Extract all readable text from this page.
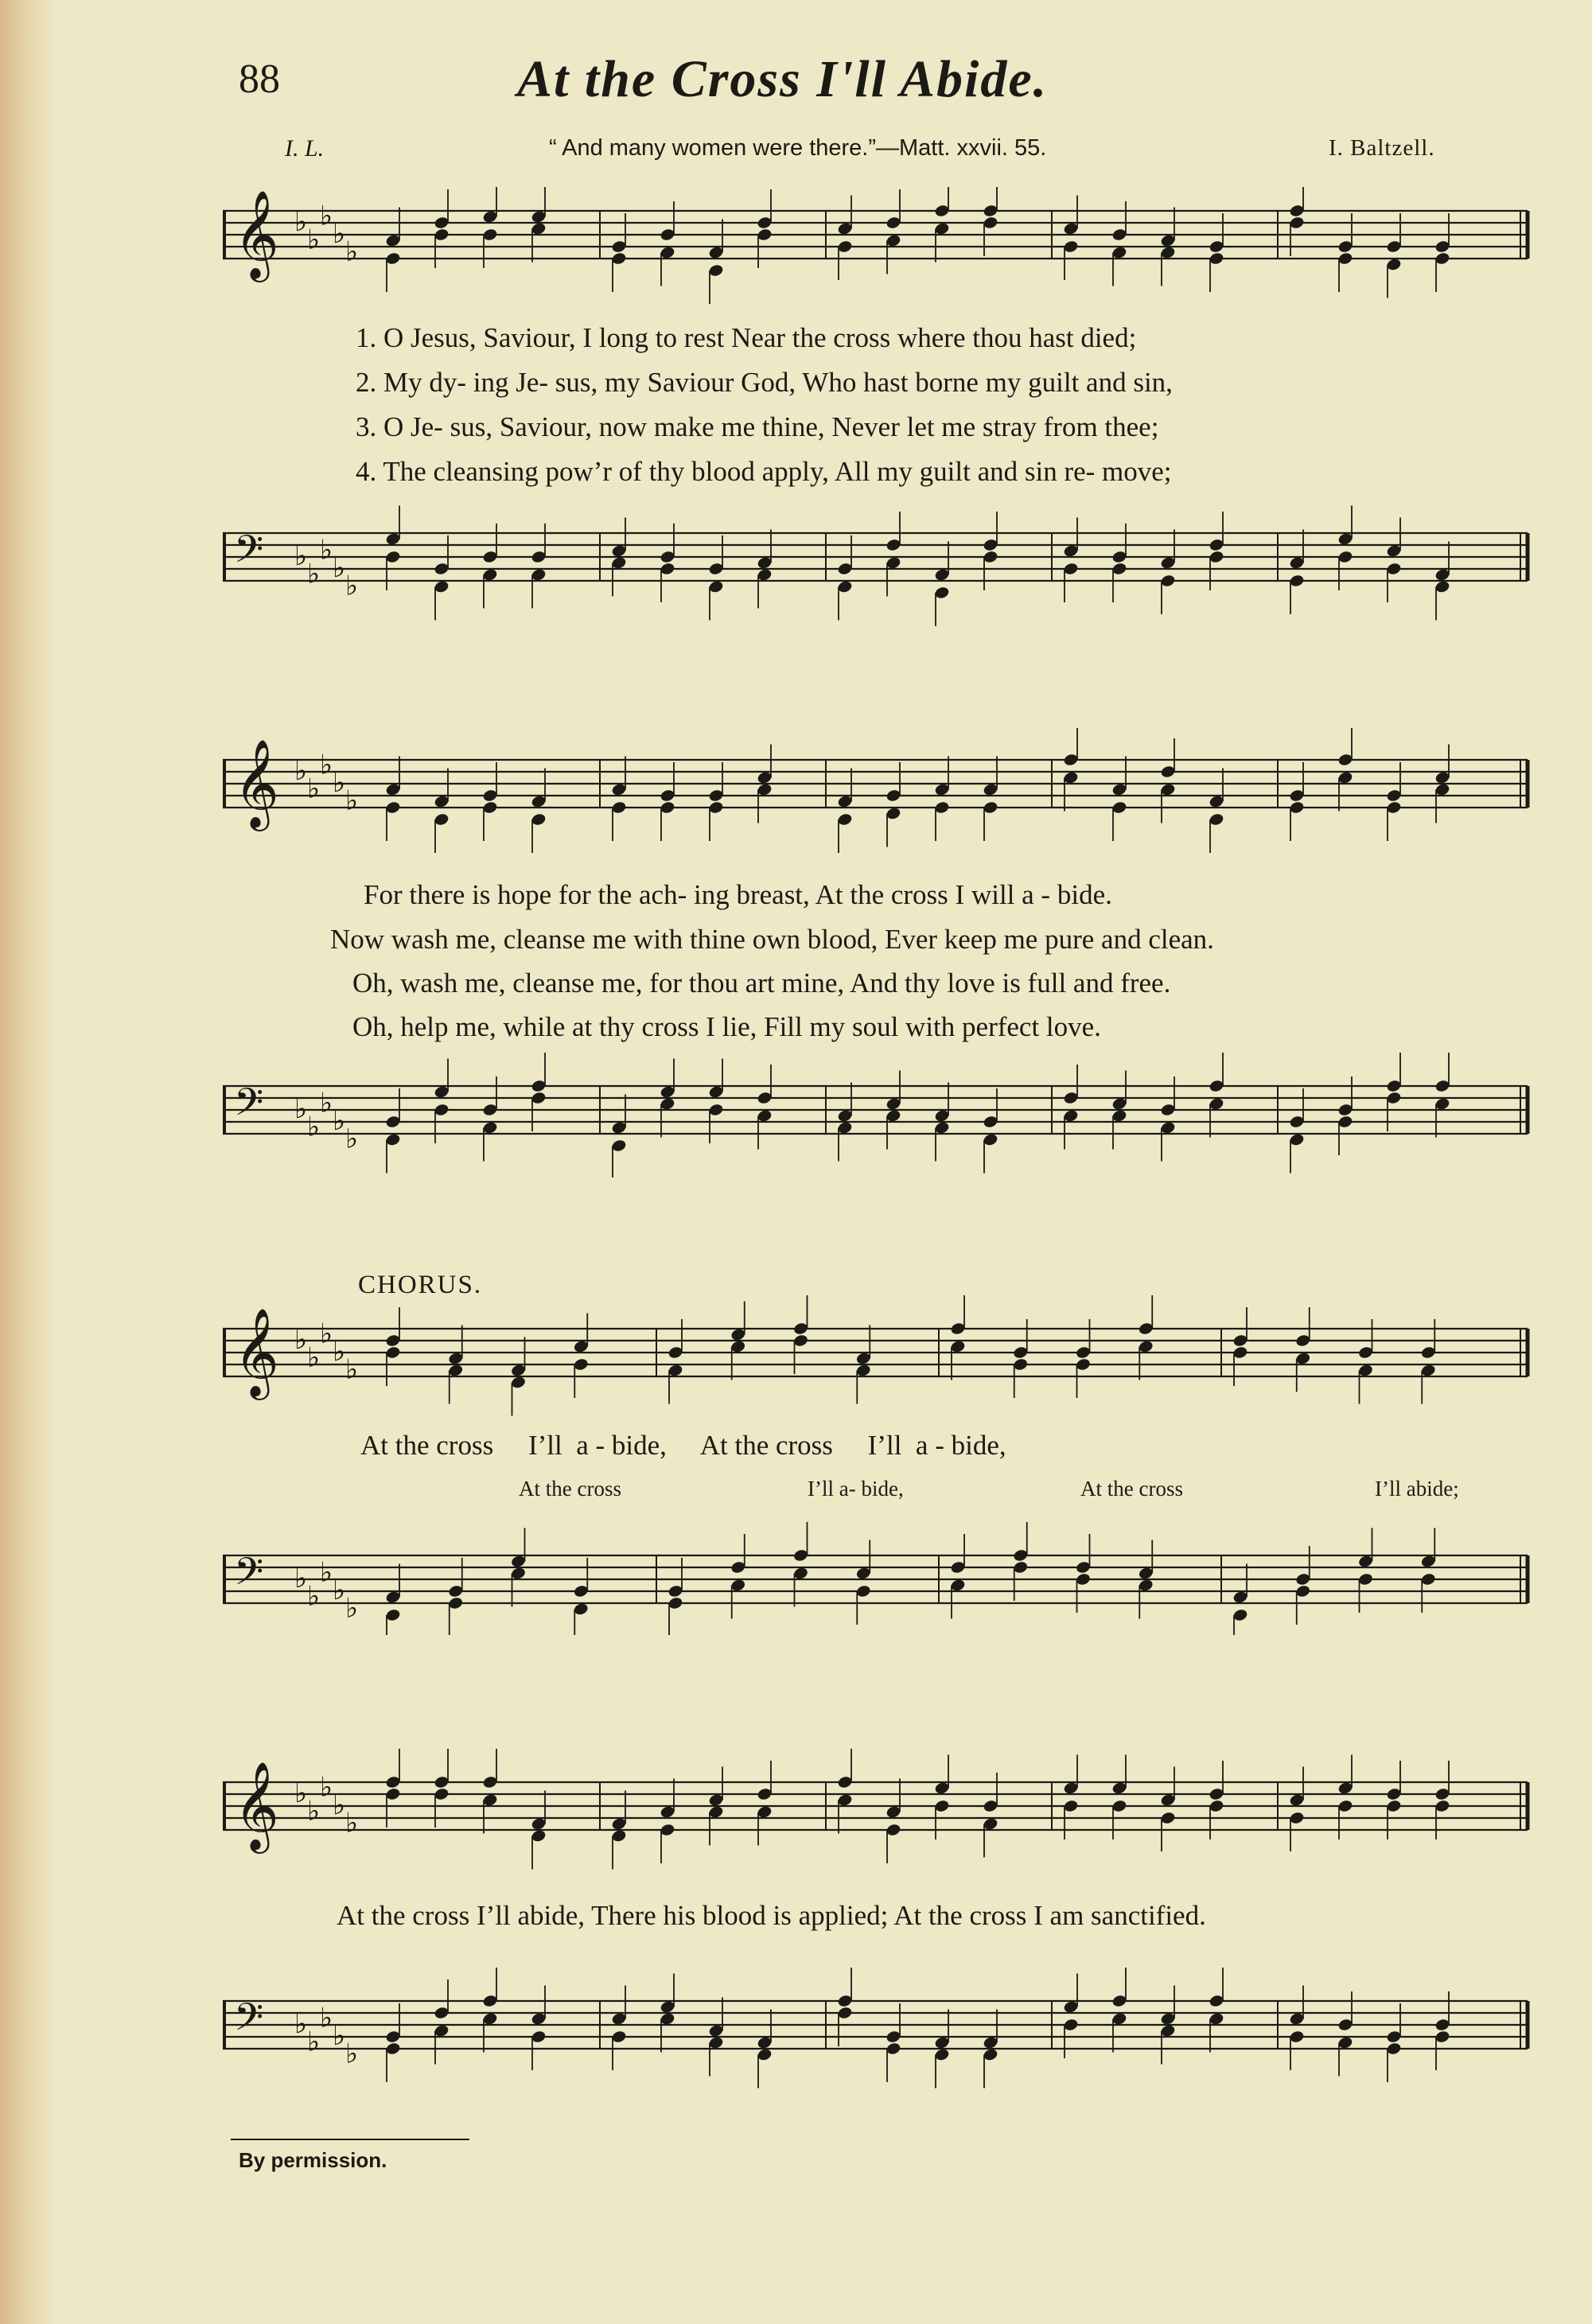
88	At the Cross I'll Abide.
I. L.	“ And many women were there.”—Matt. xxvii. 55.	I. Baltzell.
𝄞 ♭
♭
♭
♭
♭
1. O Jesus, Saviour, I long to rest Near the cross where thou hast died;
2. My dy- ing Je- sus, my Saviour God, Who hast borne my guilt and sin,
3. O Je- sus, Saviour, now make me thine, Never let me stray from thee;
4. The cleansing pow’r of thy blood apply, All my guilt and sin re- move;
𝄢 ♭
♭
♭
♭
♭
𝄞 ♭
♭
♭
♭
♭
For there is hope for the ach- ing breast, At the cross I will a - bide.
Now wash me, cleanse me with thine own blood, Ever keep me pure and clean.
Oh, wash me, cleanse me, for thou art mine, And thy love is full and free.
Oh, help me, while at thy cross I lie, Fill my soul with perfect love.
𝄢 ♭
♭
♭
♭
♭
CHORUS.
𝄞 ♭
♭
♭
♭
♭
At the cross     I’ll  a - bide,     At the cross     I’ll  a - bide,
At the cross	I’ll a- bide,	At the cross	I’ll abide;
𝄢 ♭
♭
♭
♭
♭
𝄞 ♭
♭
♭
♭
♭
At the cross I’ll abide, There his blood is applied; At the cross I am sanctified.
𝄢 ♭
♭
♭
♭
♭
By permission.
